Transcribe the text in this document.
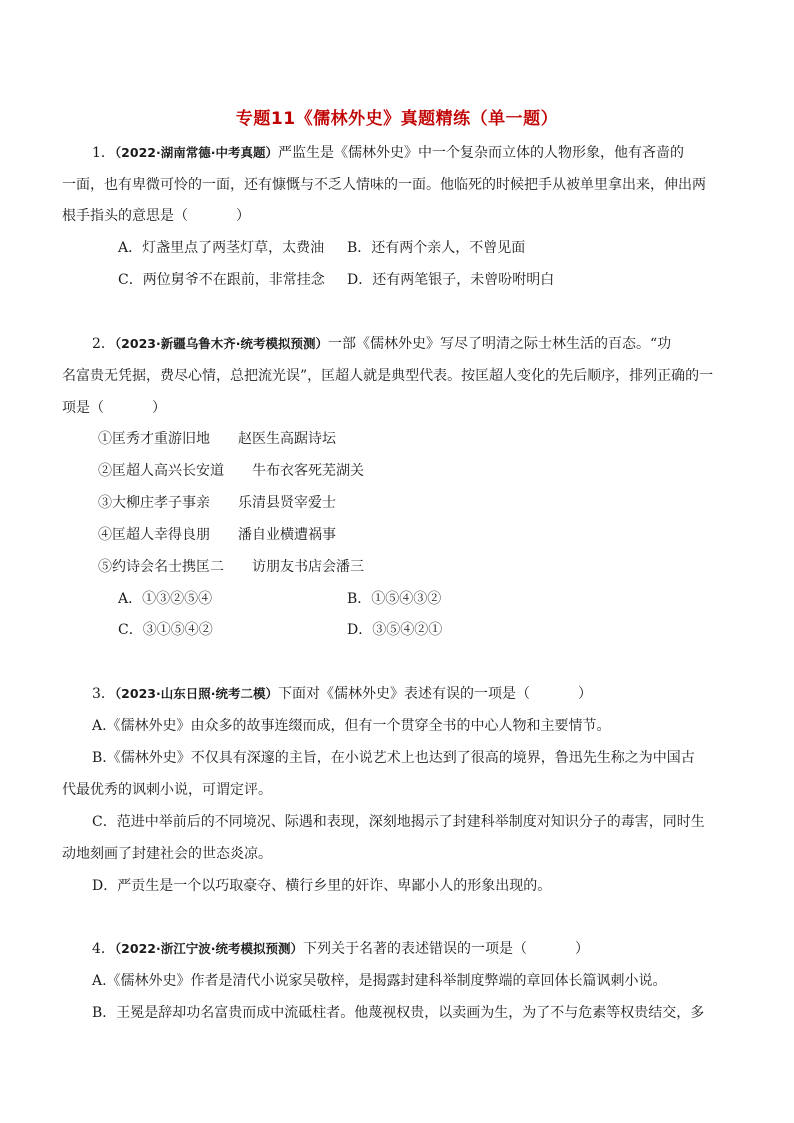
专题11《儒林外史》真题精练（单一题）
1．（2022·湖南常德·中考真题）严监生是《儒林外史》中一个复杂而立体的人物形象，他有吝啬的
一面，也有卑微可怜的一面，还有慷慨与不乏人情味的一面。他临死的时候把手从被单里拿出来，伸出两
根手指头的意思是（	）
A．灯盏里点了两茎灯草，太费油 B．还有两个亲人，不曾见面
C．两位舅爷不在跟前，非常挂念 D．还有两笔银子，未曾吩咐明白
2．（2023·新疆乌鲁木齐·统考模拟预测）一部《儒林外史》写尽了明清之际士林生活的百态。“功
名富贵无凭据，费尽心情，总把流光误”，匡超人就是典型代表。按匡超人变化的先后顺序，排列正确的一
项是（	）
①匡秀才重游旧地　　赵医生高踞诗坛
②匡超人高兴长安道　　牛布衣客死芜湖关
③大柳庄孝子事亲　　乐清县贤宰爱士
④匡超人幸得良朋　　潘自业横遭祸事
⑤约诗会名士携匡二　　访朋友书店会潘三
A．①③②⑤④	B．①⑤④③②
C．③①⑤④②	D．③⑤④②①
3．（2023·山东日照·统考二模）下面对《儒林外史》表述有误的一项是（	）
A.《儒林外史》由众多的故事连缀而成，但有一个贯穿全书的中心人物和主要情节。
B.《儒林外史》不仅具有深邃的主旨，在小说艺术上也达到了很高的境界，鲁迅先生称之为中国古
代最优秀的讽刺小说，可谓定评。
C．范进中举前后的不同境况、际遇和表现，深刻地揭示了封建科举制度对知识分子的毒害，同时生
动地刻画了封建社会的世态炎凉。
D．严贡生是一个以巧取豪夺、横行乡里的奸诈、卑鄙小人的形象出现的。
4．（2022·浙江宁波·统考模拟预测）下列关于名著的表述错误的一项是（	）
A.《儒林外史》作者是清代小说家吴敬梓，是揭露封建科举制度弊端的章回体长篇讽刺小说。
B．王冕是辞却功名富贵而成中流砥柱者。他蔑视权贵，以卖画为生，为了不与危素等权贵结交，多
